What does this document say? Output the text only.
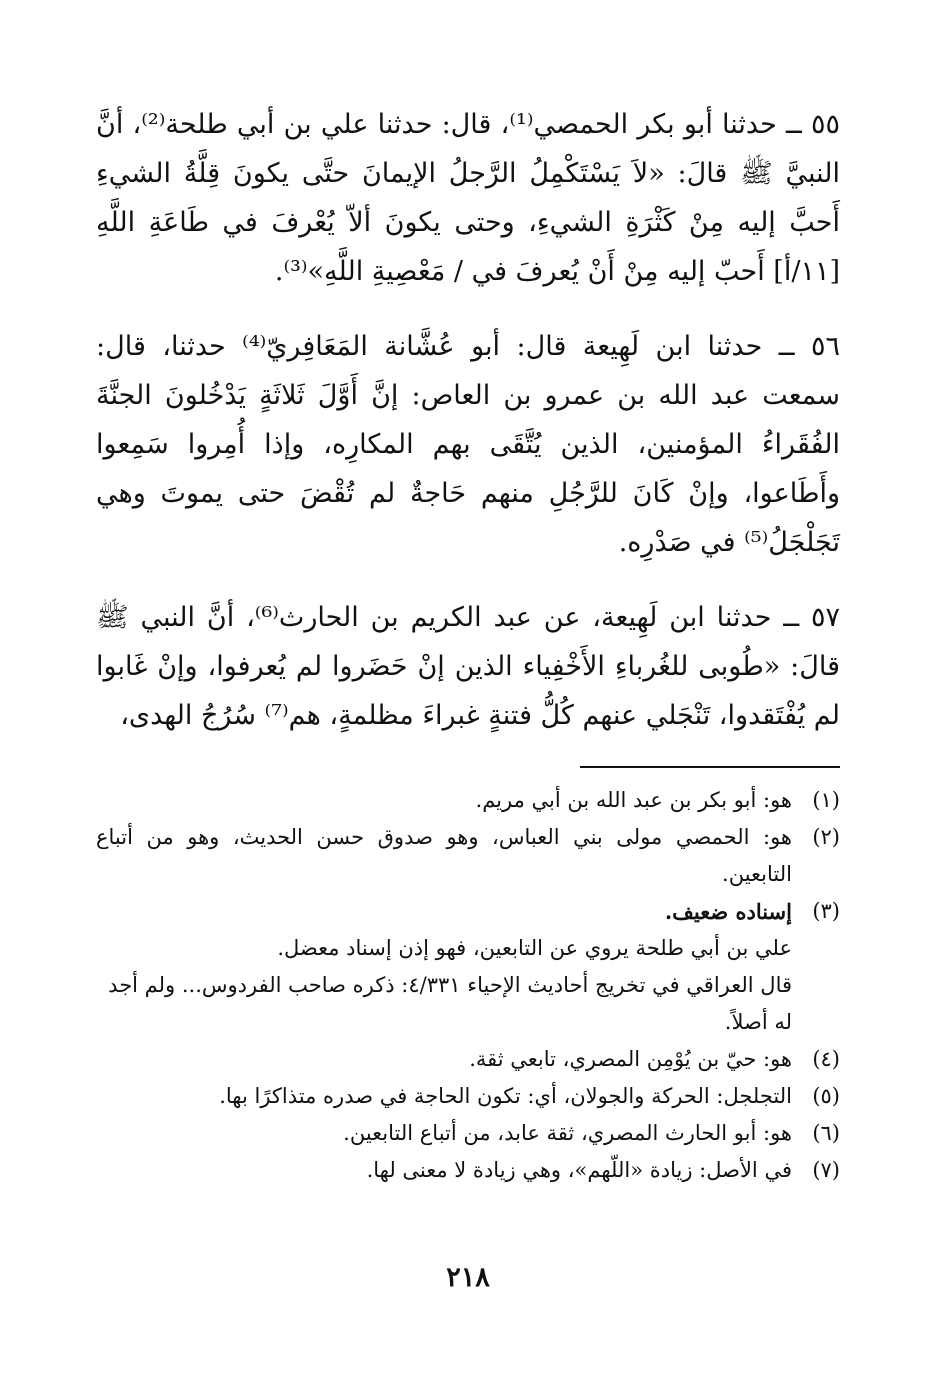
٥٥ ــ حدثنا أبو بكر الحمصي⁽¹⁾، قال: حدثنا علي بن أبي طلحة⁽²⁾، أنَّ النبيَّ ﷺ قالَ: «لاَ يَسْتَكْمِلُ الرَّجلُ الإيمانَ حتَّى يكونَ قِلَّةُ الشيءِ أَحبَّ إليه مِنْ كَثْرَةِ الشيءِ، وحتى يكونَ ألاّ يُعْرفَ في طَاعَةِ اللَّهِ [١١/أ] أَحبّ إليه مِنْ أَنْ يُعرفَ في / مَعْصِيةِ اللَّهِ»⁽³⁾.

٥٦ ــ حدثنا ابن لَهِيعة قال: أبو عُشَّانة المَعَافِريّ⁽⁴⁾ حدثنا، قال: سمعت عبد الله بن عمرو بن العاص: إنَّ أَوَّلَ ثَلاثَةٍ يَدْخُلونَ الجنَّةَ الفُقَراءُ المؤمنين، الذين يُتَّقَى بهم المكارِه، وإذا أُمِروا سَمِعوا وأَطَاعوا، وإنْ كَانَ للرَّجُلِ منهم حَاجةٌ لم تُقْضَ حتى يموتَ وهي تَجَلْجَلُ⁽⁵⁾ في صَدْرِه.

٥٧ ــ حدثنا ابن لَهِيعة، عن عبد الكريم بن الحارث⁽⁶⁾، أنَّ النبي ﷺ قالَ: «طُوبى للغُرباءِ الأَخْفِياء الذين إنْ حَضَروا لم يُعرفوا، وإنْ غَابوا لم يُفْتَقدوا، تَنْجَلي عنهم كُلُّ فتنةٍ غبراءَ مظلمةٍ، هم⁽⁷⁾ سُرُجُ الهدى،

(١)
هو: أبو بكر بن عبد الله بن أبي مريم.
(٢)
هو: الحمصي مولى بني العباس، وهو صدوق حسن الحديث، وهو من أتباع التابعين.
(٣)
إسناده ضعيف.

علي بن أبي طلحة يروي عن التابعين، فهو إذن إسناد معضل.

قال العراقي في تخريج أحاديث الإحياء ٤/٣٣١: ذكره صاحب الفردوس... ولم أجد له أصلاً.

(٤)
هو: حيّ بن يُوْمِن المصري، تابعي ثقة.
(٥)
التجلجل: الحركة والجولان، أي: تكون الحاجة في صدره متذاكرًا بها.
(٦)
هو: أبو الحارث المصري، ثقة عابد، من أتباع التابعين.
(٧)
في الأصل: زيادة «اللّهم»، وهي زيادة لا معنى لها.
٢١٨
